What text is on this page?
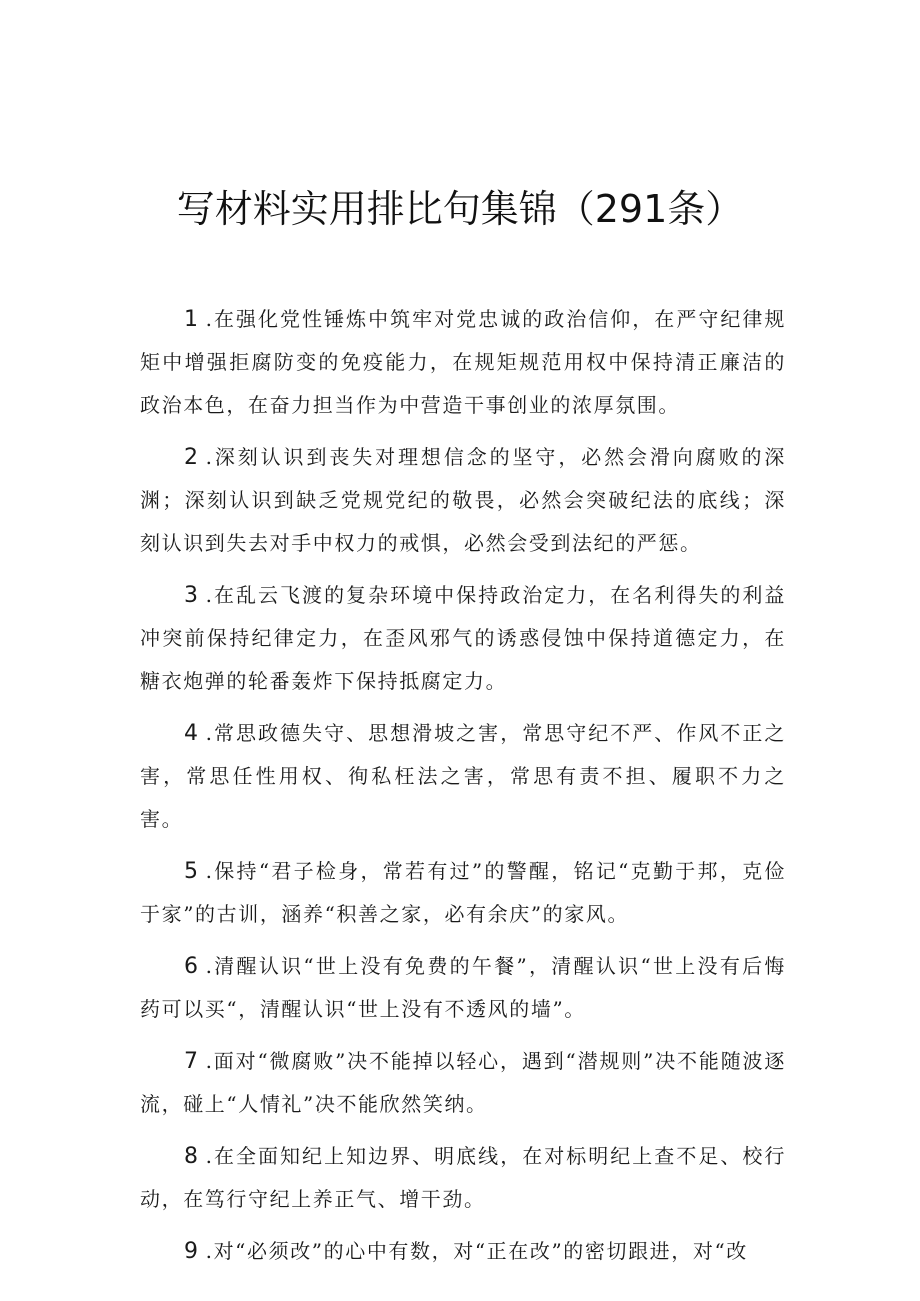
写材料实用排比句集锦（291条）

1 .在强化党性锤炼中筑牢对党忠诚的政治信仰，在严守纪律规矩中增强拒腐防变的免疫能力，在规矩规范用权中保持清正廉洁的政治本色，在奋力担当作为中营造干事创业的浓厚氛围。

2 .深刻认识到丧失对理想信念的坚守，必然会滑向腐败的深渊；深刻认识到缺乏党规党纪的敬畏，必然会突破纪法的底线；深刻认识到失去对手中权力的戒惧，必然会受到法纪的严惩。

3 .在乱云飞渡的复杂环境中保持政治定力，在名利得失的利益冲突前保持纪律定力，在歪风邪气的诱惑侵蚀中保持道德定力，在糖衣炮弹的轮番轰炸下保持抵腐定力。

4 .常思政德失守、思想滑坡之害，常思守纪不严、作风不正之害，常思任性用权、徇私枉法之害，常思有责不担、履职不力之害。

5 .保持“君子检身，常若有过”的警醒，铭记“克勤于邦，克俭于家”的古训，涵养“积善之家，必有余庆”的家风。

6 .清醒认识“世上没有免费的午餐”，清醒认识“世上没有后悔药可以买“，清醒认识“世上没有不透风的墙”。

7 .面对“微腐败”决不能掉以轻心，遇到“潜规则”决不能随波逐流，碰上“人情礼”决不能欣然笑纳。

8 .在全面知纪上知边界、明底线，在对标明纪上查不足、校行动，在笃行守纪上养正气、增干劲。

9 .对“必须改”的心中有数，对“正在改”的密切跟进，对“改
